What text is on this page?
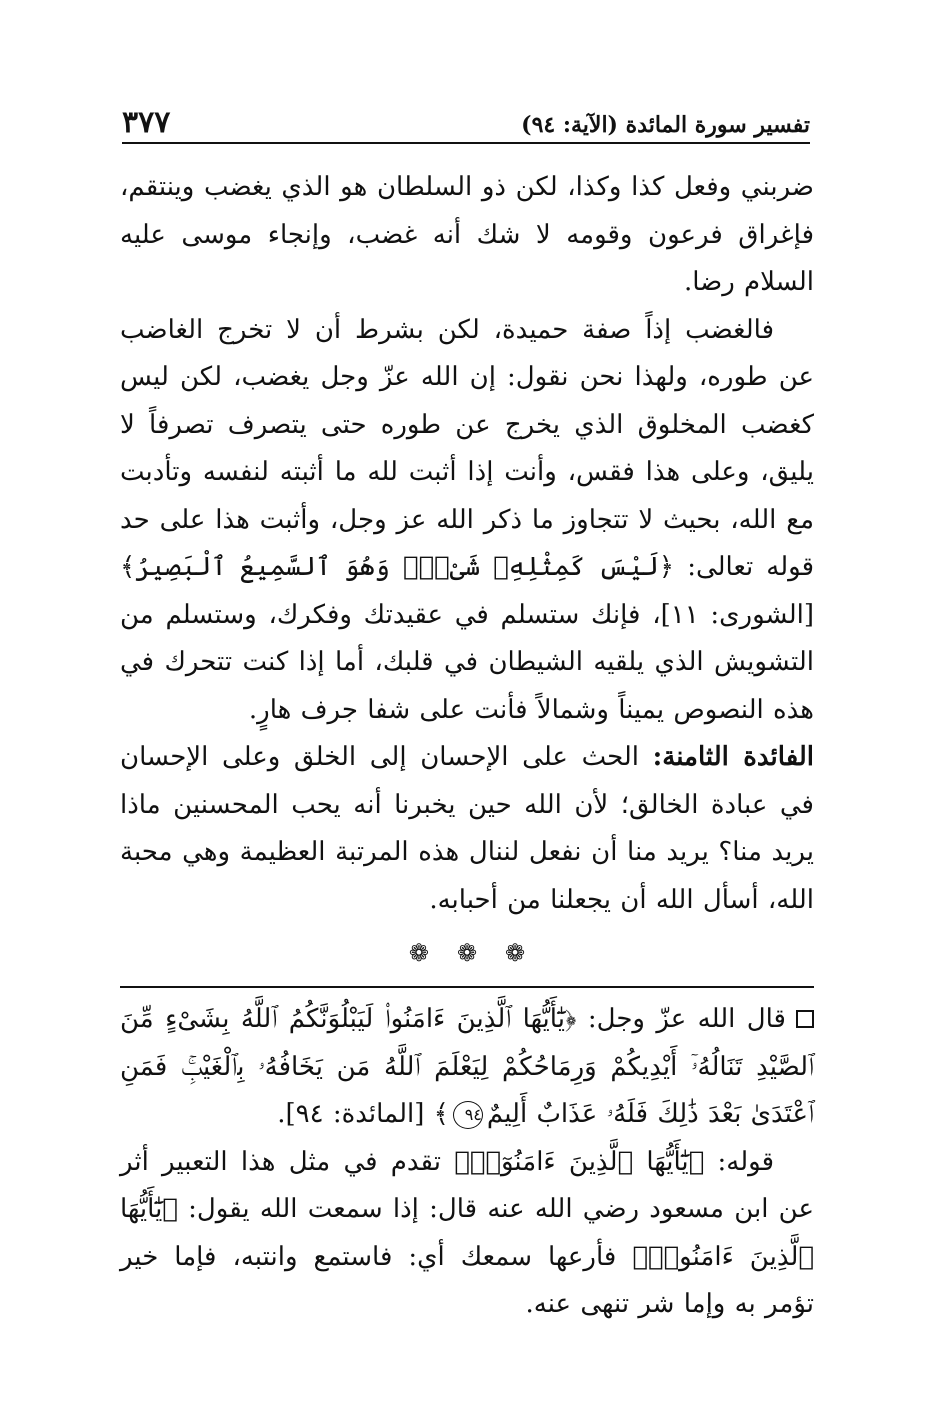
تفسير سورة المائدة (الآية: ٩٤)
٣٧٧

ضربني وفعل كذا وكذا، لكن ذو السلطان هو الذي يغضب وينتقم، فإغراق فرعون وقومه لا شك أنه غضب، وإنجاء موسى عليه السلام رضا.

فالغضب إذاً صفة حميدة، لكن بشرط أن لا تخرج الغاضب عن طوره، ولهذا نحن نقول: إن الله عزّ وجل يغضب، لكن ليس كغضب المخلوق الذي يخرج عن طوره حتى يتصرف تصرفاً لا يليق، وعلى هذا فقس، وأنت إذا أثبت لله ما أثبته لنفسه وتأدبت مع الله، بحيث لا تتجاوز ما ذكر الله عز وجل، وأثبت هذا على حد قوله تعالى: ﴿لَيْسَ كَمِثْلِهِۦ شَىْءٌۖ وَهُوَ ٱلسَّمِيعُ ٱلْبَصِيرُ﴾ [الشورى: ١١]، فإنك ستسلم في عقيدتك وفكرك، وستسلم من التشويش الذي يلقيه الشيطان في قلبك، أما إذا كنت تتحرك في هذه النصوص يميناً وشمالاً فأنت على شفا جرف هارٍ.

الفائدة الثامنة: الحث على الإحسان إلى الخلق وعلى الإحسان في عبادة الخالق؛ لأن الله حين يخبرنا أنه يحب المحسنين ماذا يريد منا؟ يريد منا أن نفعل لننال هذه المرتبة العظيمة وهي محبة الله، أسأل الله أن يجعلنا من أحبابه.

❁ ❁ ❁

قال الله عزّ وجل: ﴿يَٰٓأَيُّهَا ٱلَّذِينَ ءَامَنُوا۟ لَيَبْلُوَنَّكُمُ ٱللَّهُ بِشَىْءٍ مِّنَ ٱلصَّيْدِ تَنَالُهُۥٓ أَيْدِيكُمْ وَرِمَاحُكُمْ لِيَعْلَمَ ٱللَّهُ مَن يَخَافُهُۥ بِٱلْغَيْبِۚ فَمَنِ ٱعْتَدَىٰ بَعْدَ ذَٰلِكَ فَلَهُۥ عَذَابٌ أَلِيمٌ٩٤﴾ [المائدة: ٩٤].

قوله: ﴿يَٰٓأَيُّهَا ٱلَّذِينَ ءَامَنُوٓا۟﴾ تقدم في مثل هذا التعبير أثر عن ابن مسعود رضي الله عنه قال: إذا سمعت الله يقول: ﴿يَٰٓأَيُّهَا ٱلَّذِينَ ءَامَنُوا۟﴾ فأرعها سمعك أي: فاستمع وانتبه، فإما خير تؤمر به وإما شر تنهى عنه.
